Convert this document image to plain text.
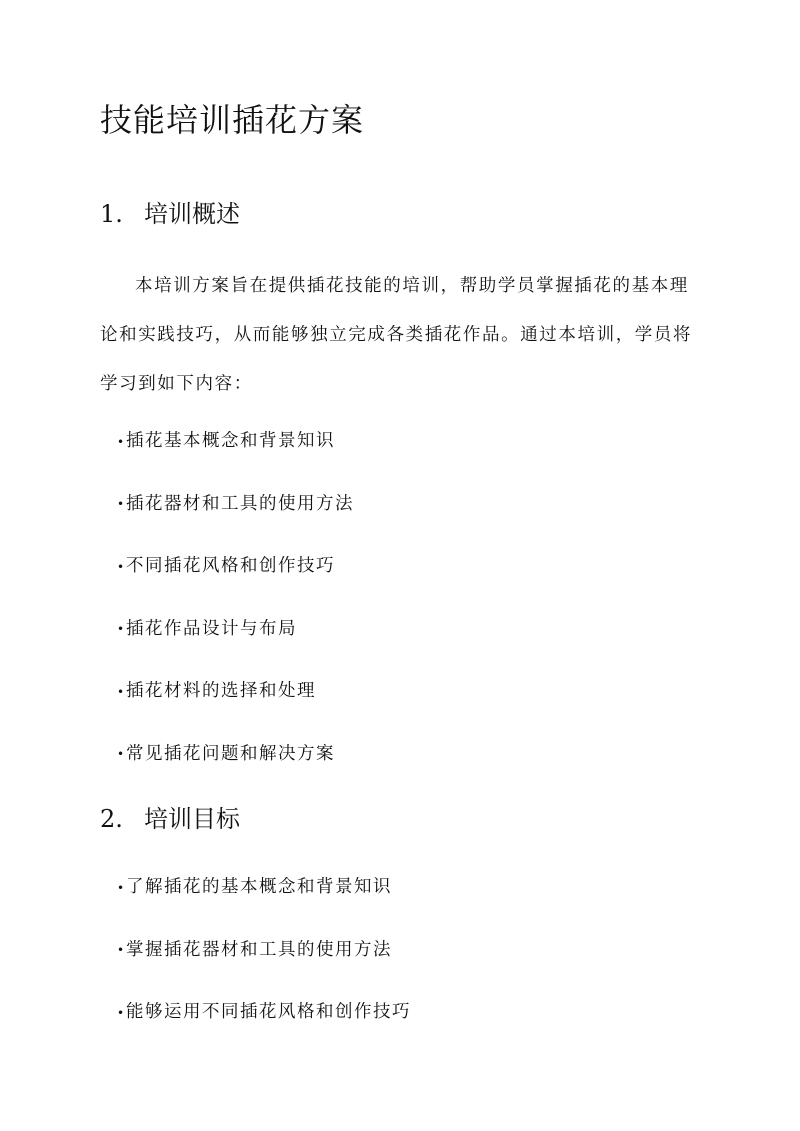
技能培训插花方案
1. 培训概述

本培训方案旨在提供插花技能的培训，帮助学员掌握插花的基本理论和实践技巧，从而能够独立完成各类插花作品。通过本培训，学员将学习到如下内容：

•插花基本概念和背景知识
•插花器材和工具的使用方法
•不同插花风格和创作技巧
•插花作品设计与布局
•插花材料的选择和处理
•常见插花问题和解决方案
2. 培训目标
•了解插花的基本概念和背景知识
•掌握插花器材和工具的使用方法
•能够运用不同插花风格和创作技巧
